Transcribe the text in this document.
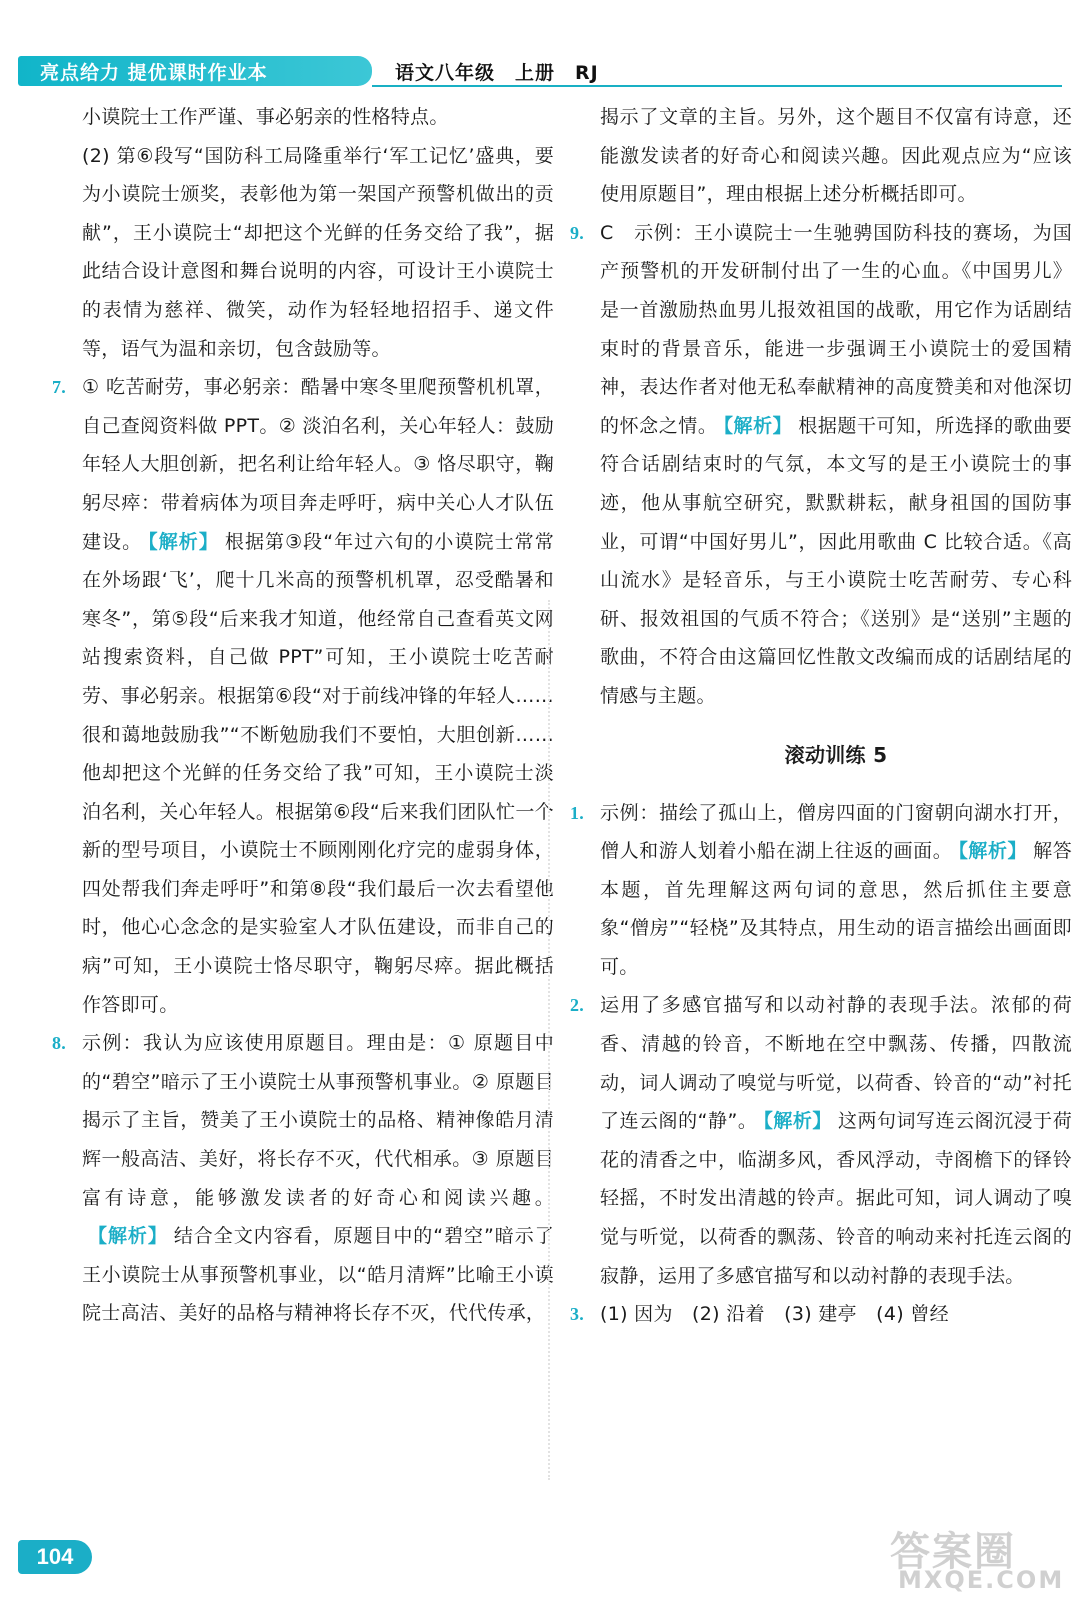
亮点给力 提优课时作业本	语文八年级　上册　RJ
小谟院士工作严谨、事必躬亲的性格特点。
(2) 第⑥段写“国防科工局隆重举行‘军工记忆’盛典，要为小谟院士颁奖，表彰他为第一架国产预警机做出的贡献”，王小谟院士“却把这个光鲜的任务交给了我”，据此结合设计意图和舞台说明的内容，可设计王小谟院士的表情为慈祥、微笑，动作为轻轻地招招手、递文件等，语气为温和亲切，包含鼓励等。
7. ① 吃苦耐劳，事必躬亲：酷暑中寒冬里爬预警机机罩，自己查阅资料做 PPT。② 淡泊名利，关心年轻人：鼓励年轻人大胆创新，把名利让给年轻人。③ 恪尽职守，鞠躬尽瘁：带着病体为项目奔走呼吁，病中关心人才队伍建设。 【解析】 根据第③段“年过六旬的小谟院士常常在外场跟‘飞’，爬十几米高的预警机机罩，忍受酷暑和寒冬”，第⑤段“后来我才知道，他经常自己查看英文网站搜索资料，自己做 PPT”可知，王小谟院士吃苦耐劳、事必躬亲。根据第⑥段“对于前线冲锋的年轻人……很和蔼地鼓励我”“不断勉励我们不要怕，大胆创新……他却把这个光鲜的任务交给了我”可知，王小谟院士淡泊名利，关心年轻人。根据第⑥段“后来我们团队忙一个新的型号项目，小谟院士不顾刚刚化疗完的虚弱身体，四处帮我们奔走呼吁”和第⑧段“我们最后一次去看望他时，他心心念念的是实验室人才队伍建设，而非自己的病”可知，王小谟院士恪尽职守，鞠躬尽瘁。据此概括作答即可。
8. 示例：我认为应该使用原题目。理由是：① 原题目中的“碧空”暗示了王小谟院士从事预警机事业。② 原题目揭示了主旨，赞美了王小谟院士的品格、精神像皓月清辉一般高洁、美好，将长存不灭，代代相承。③ 原题目富有诗意，能够激发读者的好奇心和阅读兴趣。【解析】 结合全文内容看，原题目中的“碧空”暗示了王小谟院士从事预警机事业，以“皓月清辉”比喻王小谟院士高洁、美好的品格与精神将长存不灭，代代传承，
揭示了文章的主旨。另外，这个题目不仅富有诗意，还能激发读者的好奇心和阅读兴趣。因此观点应为“应该使用原题目”，理由根据上述分析概括即可。
9. C　示例：王小谟院士一生驰骋国防科技的赛场，为国产预警机的开发研制付出了一生的心血。《中国男儿》是一首激励热血男儿报效祖国的战歌，用它作为话剧结束时的背景音乐，能进一步强调王小谟院士的爱国精神，表达作者对他无私奉献精神的高度赞美和对他深切的怀念之情。 【解析】 根据题干可知，所选择的歌曲要符合话剧结束时的气氛，本文写的是王小谟院士的事迹，他从事航空研究，默默耕耘，献身祖国的国防事业，可谓“中国好男儿”，因此用歌曲 C 比较合适。《高山流水》是轻音乐，与王小谟院士吃苦耐劳、专心科研、报效祖国的气质不符合；《送别》是“送别”主题的歌曲，不符合由这篇回忆性散文改编而成的话剧结尾的情感与主题。
滚动训练 5
1. 示例：描绘了孤山上，僧房四面的门窗朝向湖水打开，僧人和游人划着小船在湖上往返的画面。 【解析】 解答本题，首先理解这两句词的意思，然后抓住主要意象“僧房”“轻桡”及其特点，用生动的语言描绘出画面即可。
2. 运用了多感官描写和以动衬静的表现手法。浓郁的荷香、清越的铃音，不断地在空中飘荡、传播，四散流动，词人调动了嗅觉与听觉，以荷香、铃音的“动”衬托了连云阁的“静”。 【解析】 这两句词写连云阁沉浸于荷花的清香之中，临湖多风，香风浮动，寺阁檐下的铎铃轻摇，不时发出清越的铃声。据此可知，词人调动了嗅觉与听觉，以荷香的飘荡、铃音的响动来衬托连云阁的寂静，运用了多感官描写和以动衬静的表现手法。
3. (1) 因为　(2) 沿着　(3) 建亭　(4) 曾经
104	答案圈
MXQE.COM
